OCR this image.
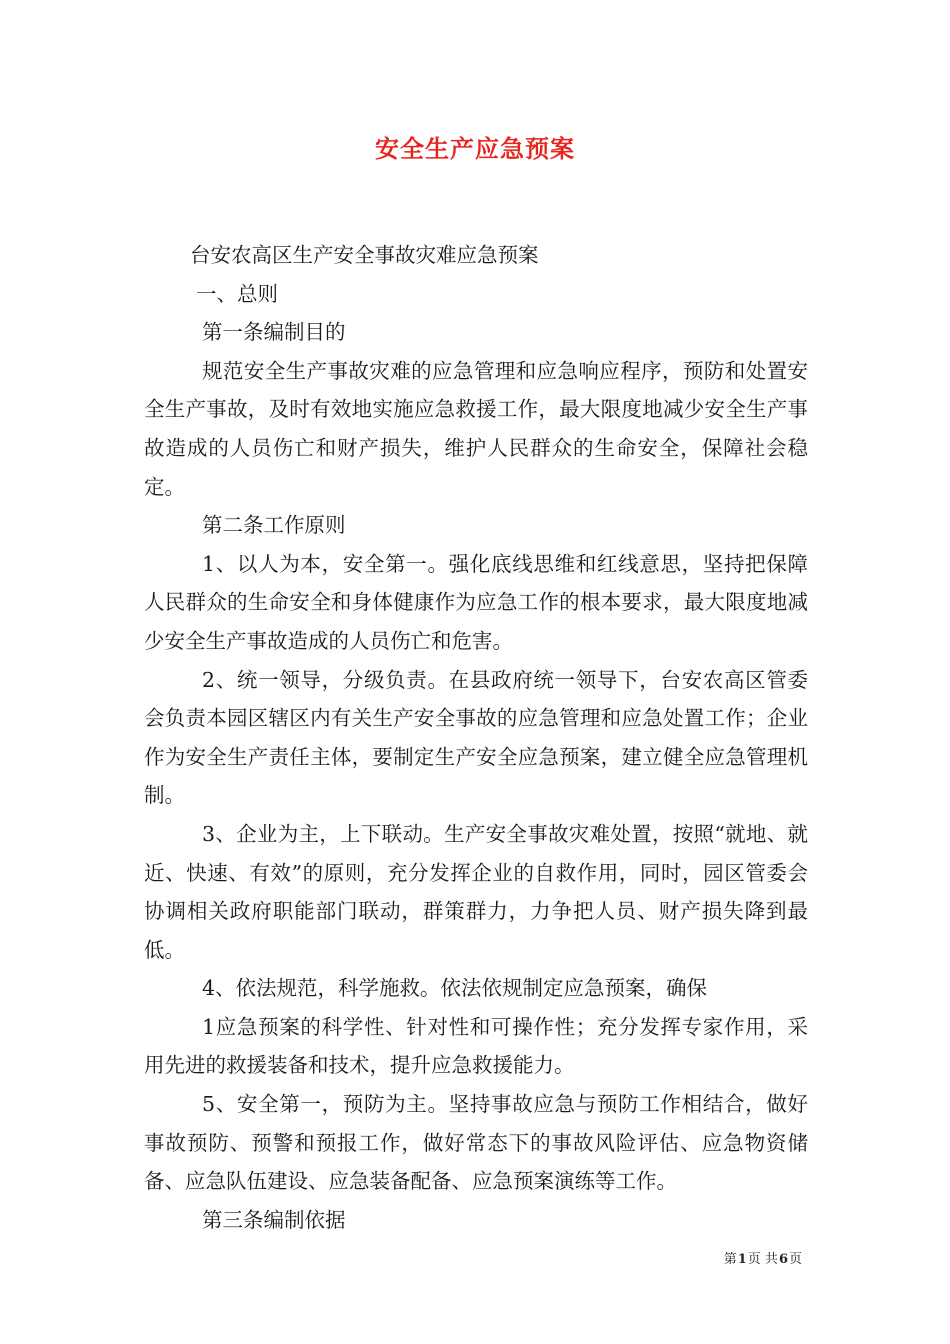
安全生产应急预案

台安农高区生产安全事故灾难应急预案

一、总则

第一条编制目的

规范安全生产事故灾难的应急管理和应急响应程序，预防和处置安全生产事故，及时有效地实施应急救援工作，最大限度地减少安全生产事故造成的人员伤亡和财产损失，维护人民群众的生命安全，保障社会稳定。

第二条工作原则

1、以人为本，安全第一。强化底线思维和红线意思，坚持把保障人民群众的生命安全和身体健康作为应急工作的根本要求，最大限度地减少安全生产事故造成的人员伤亡和危害。

2、统一领导，分级负责。在县政府统一领导下，台安农高区管委会负责本园区辖区内有关生产安全事故的应急管理和应急处置工作；企业作为安全生产责任主体，要制定生产安全应急预案，建立健全应急管理机制。

3、企业为主，上下联动。生产安全事故灾难处置，按照“就地、就近、快速、有效”的原则，充分发挥企业的自救作用，同时，园区管委会协调相关政府职能部门联动，群策群力，力争把人员、财产损失降到最低。

4、依法规范，科学施救。依法依规制定应急预案，确保

1应急预案的科学性、针对性和可操作性；充分发挥专家作用，采用先进的救援装备和技术，提升应急救援能力。

5、安全第一，预防为主。坚持事故应急与预防工作相结合，做好事故预防、预警和预报工作，做好常态下的事故风险评估、应急物资储备、应急队伍建设、应急装备配备、应急预案演练等工作。

第三条编制依据

第1页 共6页
